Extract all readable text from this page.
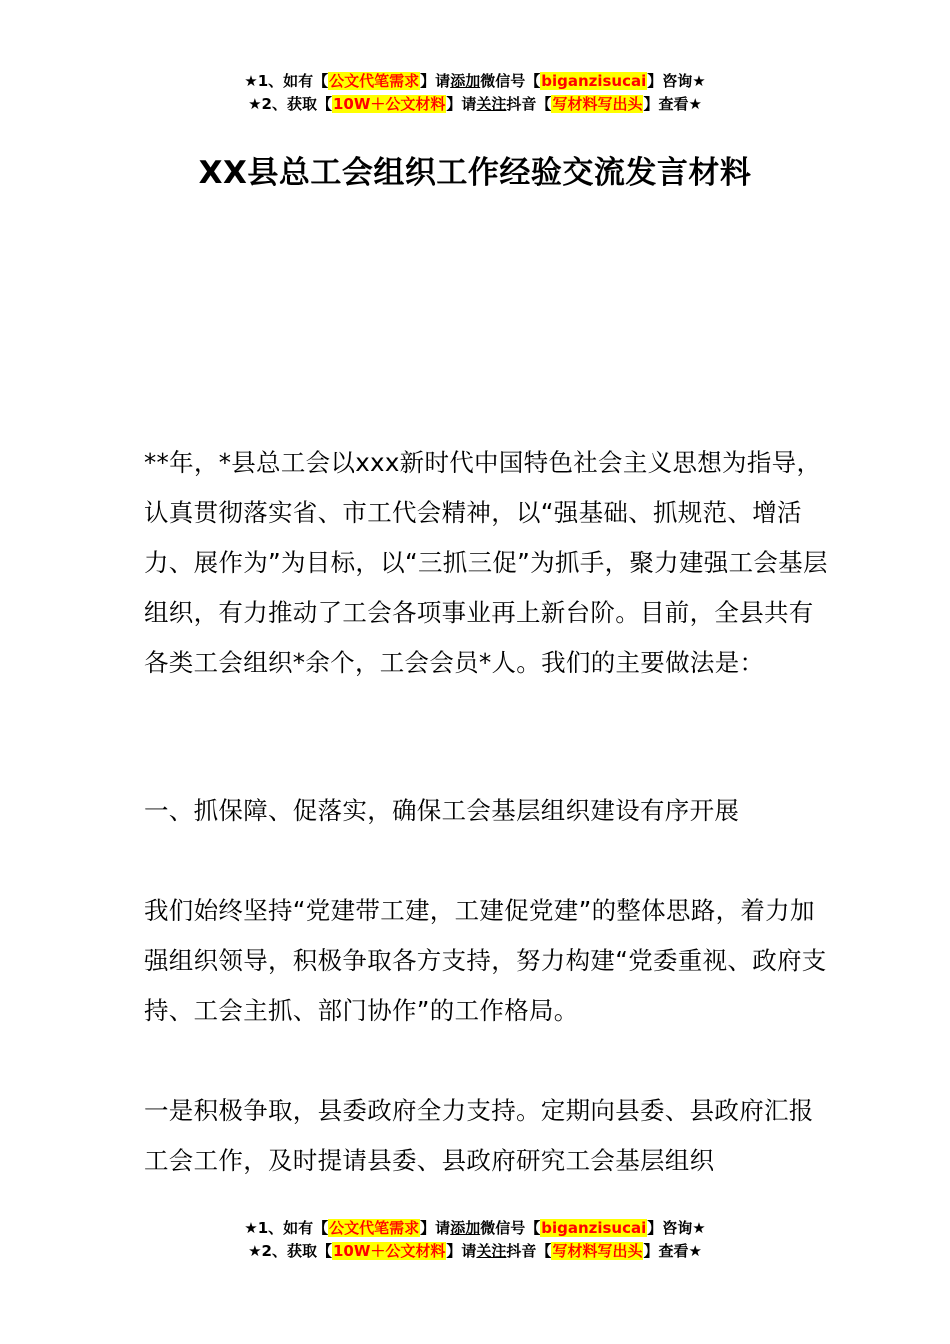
★1、如有【公文代笔需求】请添加微信号【biganzisucai】咨询★
★2、获取【10W＋公文材料】请关注抖音【写材料写出头】查看★
XX县总工会组织工作经验交流发言材料

**年，*县总工会以xxx新时代中国特色社会主义思想为指导，认真贯彻落实省、市工代会精神，以“强基础、抓规范、增活力、展作为”为目标，以“三抓三促”为抓手，聚力建强工会基层组织，有力推动了工会各项事业再上新台阶。目前，全县共有各类工会组织*余个，工会会员*人。我们的主要做法是：

一、抓保障、促落实，确保工会基层组织建设有序开展

我们始终坚持“党建带工建，工建促党建”的整体思路，着力加强组织领导，积极争取各方支持，努力构建“党委重视、政府支持、工会主抓、部门协作”的工作格局。

一是积极争取，县委政府全力支持。定期向县委、县政府汇报工会工作，及时提请县委、县政府研究工会基层组织

★1、如有【公文代笔需求】请添加微信号【biganzisucai】咨询★
★2、获取【10W＋公文材料】请关注抖音【写材料写出头】查看★
